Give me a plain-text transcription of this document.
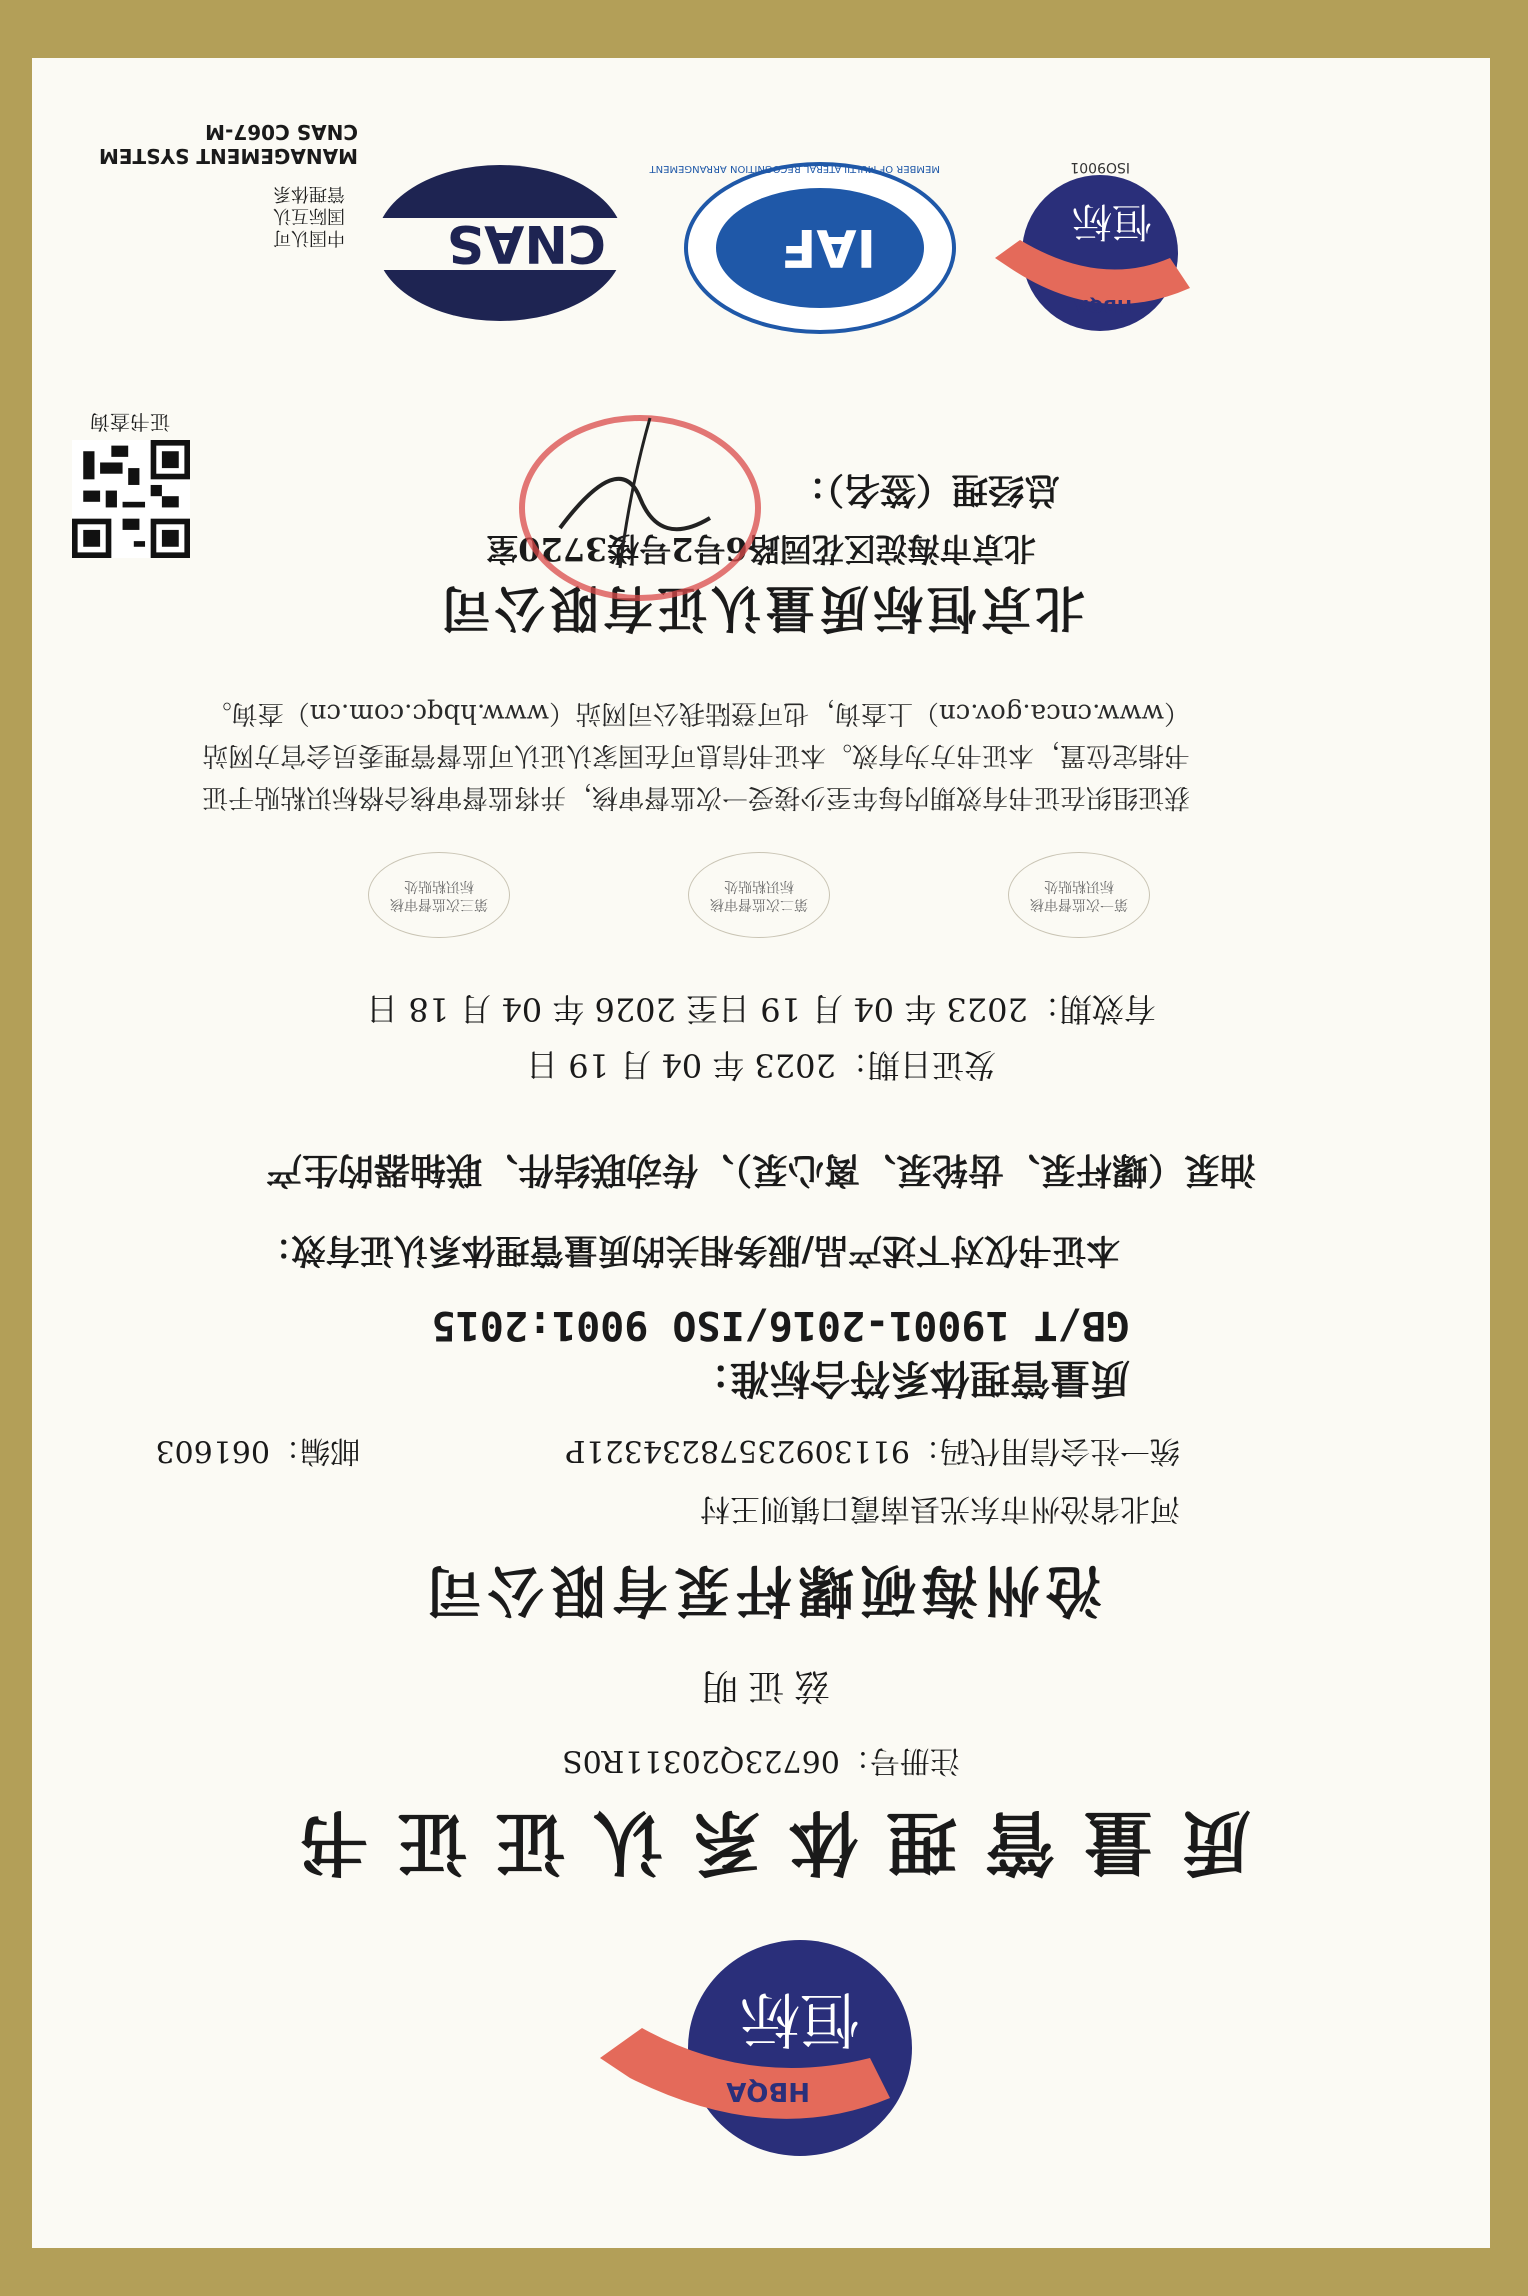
HBQA
恒标
质量管理体系认证证书
注册号：06723Q20311R0S
兹证明
沧州海硕螺杆泵有限公司
河北省沧州市东光县南霞口镇则王村
统一社会信用代码：91130923578234321P
邮编：061603
质量管理体系符合标准：
GB/T 19001-2016/ISO 9001:2015
本证书仅对下述产品/服务相关的质量管理体系认证有效：
油泵（螺杆泵、齿轮泵、离心泵）、传动联结件、联轴器的生产
发证日期：2023 年 04 月 19 日
有效期：2023 年 04 月 19 日至 2026 年 04 月 18 日
第一次监督审核
标识粘贴处
第二次监督审核
标识粘贴处
第三次监督审核
标识粘贴处
获证组织在证书有效期内每年至少接受一次监督审核，并将监督审核合格标识粘贴于证书指定位置，本证书方为有效。本证书信息可在国家认证认可监督管理委员会官方网站（www.cnca.gov.cn）上查询，也可登陆我公司网站（www.hbqc.com.cn）查询。
北京恒标质量认证有限公司
北京市海淀区花园路6号2号楼3720室
总经理（签名）：
证书查询
HBQA
恒标
ISO9001
IAF
MEMBER OF MULTILATERAL RECOGNITION ARRANGEMENT
CNAS
中国认可
国际互认
管理体系
MANAGEMENT SYSTEM
CNAS C067-M
